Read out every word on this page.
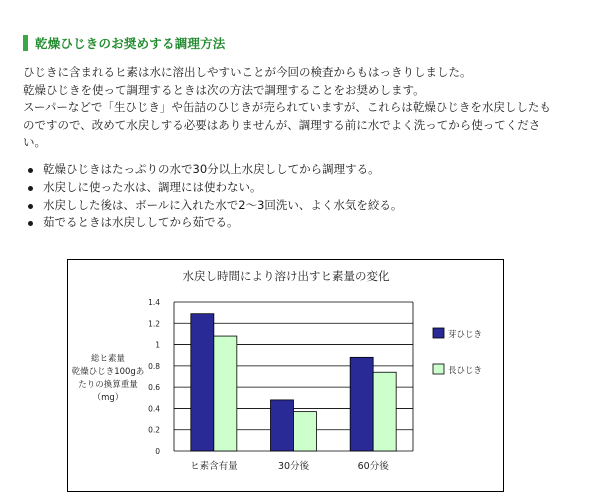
乾燥ひじきのお奨めする調理方法
ひじきに含まれるヒ素は水に溶出しやすいことが今回の検査からもはっきりしました。
乾燥ひじきを使って調理するときは次の方法で調理することをお奨めします。
スーパーなどで「生ひじき」や缶詰のひじきが売られていますが、これらは乾燥ひじきを水戻ししたも
のですので、改めて水戻しする必要はありませんが、調理する前に水でよく洗ってから使ってくださ
い。
乾燥ひじきはたっぷりの水で30分以上水戻ししてから調理する。
水戻しに使った水は、調理には使わない。
水戻しした後は、ボールに入れた水で2～3回洗い、よく水気を絞る。
茹でるときは水戻ししてから茹でる。
水戻し時間により溶け出すヒ素量の変化
総ヒ素量
乾燥ひじき100gあ
たりの換算重量
（mg）
0
0.2
0.4
0.6
0.8
1
1.2
1.4
ヒ素含有量	30分後	60分後
芽ひじき
長ひじき
